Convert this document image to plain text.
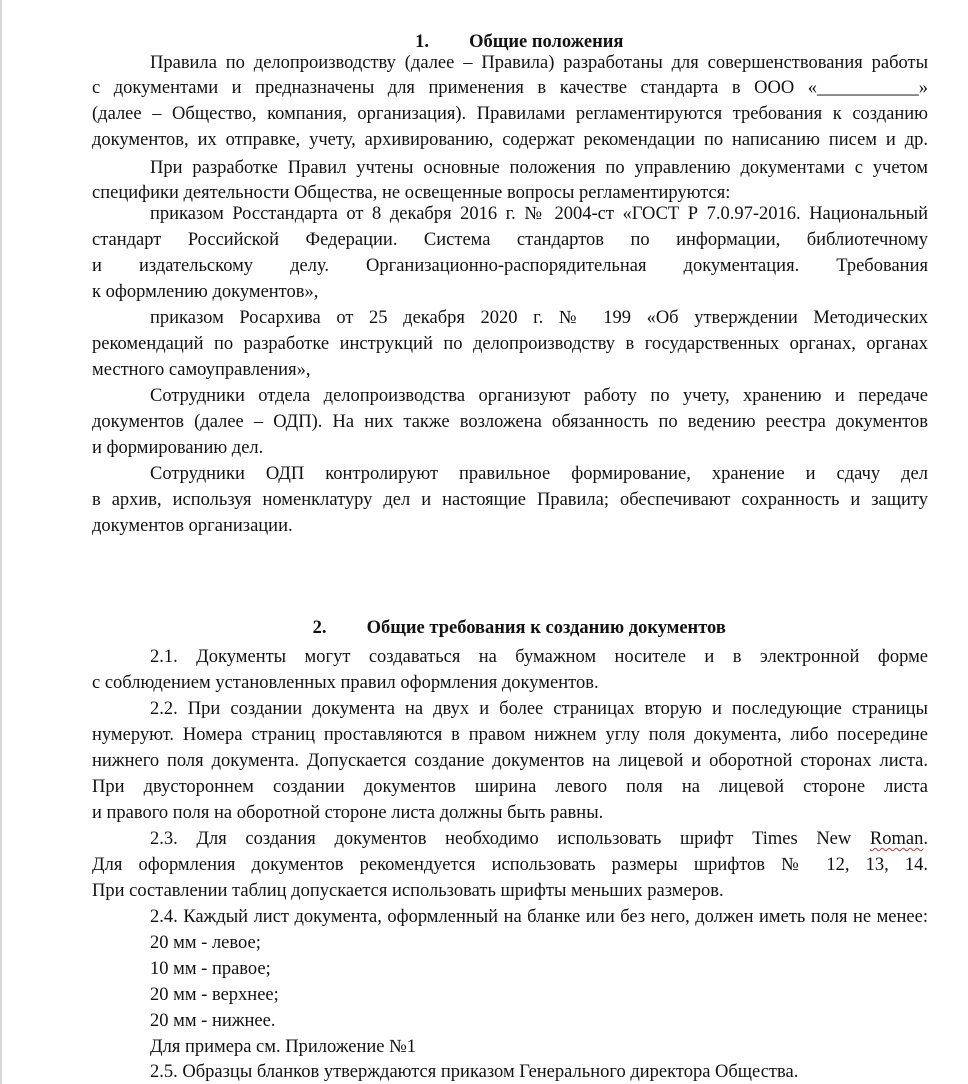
1. Общие положения

Правила по делопроизводству (далее – Правила) разработаны для совершенствования работы
с документами и предназначены для применения в качестве стандарта в ООО «___________»
(далее – Общество, компания, организация). Правилами регламентируются требования к созданию
документов, их отправке, учету, архивированию, содержат рекомендации по написанию писем и др.
При разработке Правил учтены основные положения по управлению документами с учетом
специфики деятельности Общества, не освещенные вопросы регламентируются:
приказом Росстандарта от 8 декабря 2016 г. № 2004-ст «ГОСТ Р 7.0.97-2016. Национальный
стандарт Российской Федерации. Система стандартов по информации, библиотечному
и издательскому делу. Организационно-распорядительная документация. Требования
к оформлению документов»,
приказом Росархива от 25 декабря 2020 г. № 199 «Об утверждении Методических
рекомендаций по разработке инструкций по делопроизводству в государственных органах, органах
местного самоуправления»,
Сотрудники отдела делопроизводства организуют работу по учету, хранению и передаче
документов (далее – ОДП). На них также возложена обязанность по ведению реестра документов
и формированию дел.
Сотрудники ОДП контролируют правильное формирование, хранение и сдачу дел
в архив, используя номенклатуру дел и настоящие Правила; обеспечивают сохранность и защиту
документов организации.

2. Общие требования к созданию документов

2.1. Документы могут создаваться на бумажном носителе и в электронной форме
с соблюдением установленных правил оформления документов.
2.2. При создании документа на двух и более страницах вторую и последующие страницы
нумеруют. Номера страниц проставляются в правом нижнем углу поля документа, либо посередине
нижнего поля документа. Допускается создание документов на лицевой и оборотной сторонах листа.
При двустороннем создании документов ширина левого поля на лицевой стороне листа
и правого поля на оборотной стороне листа должны быть равны.
2.3. Для создания документов необходимо использовать шрифт Times New Roman.
Для оформления документов рекомендуется использовать размеры шрифтов № 12, 13, 14.
При составлении таблиц допускается использовать шрифты меньших размеров.
2.4. Каждый лист документа, оформленный на бланке или без него, должен иметь поля не менее:
20 мм - левое;
10 мм - правое;
20 мм - верхнее;
20 мм - нижнее.
Для примера см. Приложение №1
2.5. Образцы бланков утверждаются приказом Генерального директора Общества.
